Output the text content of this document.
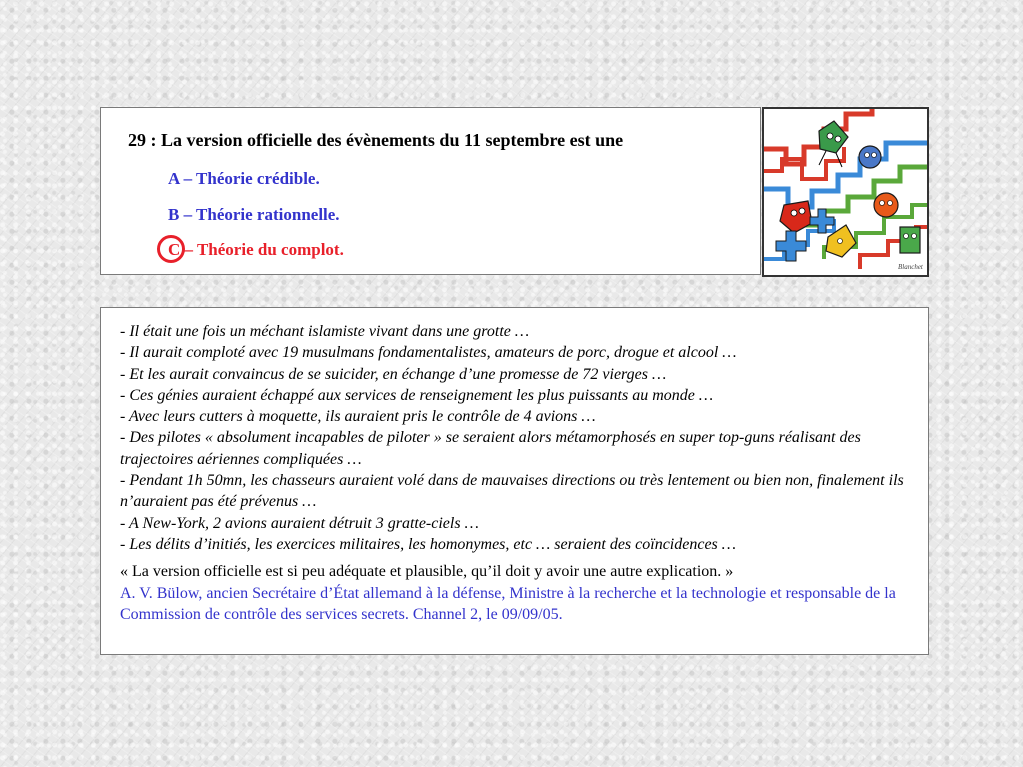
29 : La version officielle des évènements du 11 septembre est une
A – Théorie crédible.
B – Théorie rationnelle.
C – Théorie du complot.
Blanchet
- Il était une fois un méchant islamiste vivant dans une grotte …
- Il aurait comploté avec 19 musulmans fondamentalistes, amateurs de porc, drogue et alcool …
- Et les aurait convaincus de se suicider, en échange d’une promesse de 72 vierges …
- Ces génies auraient échappé aux services de renseignement les plus puissants au monde …
- Avec leurs cutters à moquette, ils auraient pris le contrôle de 4 avions …
- Des pilotes « absolument incapables de piloter » se seraient alors métamorphosés en super top-guns réalisant des trajectoires aériennes compliquées …
- Pendant 1h 50mn, les chasseurs auraient volé dans de mauvaises directions ou très lentement ou bien non, finalement ils n’auraient pas été prévenus …
- A New-York, 2 avions auraient détruit 3 gratte-ciels …
- Les délits d’initiés, les exercices militaires, les homonymes, etc … seraient des coïncidences …
« La version officielle est si peu adéquate et plausible, qu’il doit y avoir une autre explication. »
A. V. Bülow, ancien Secrétaire d’État allemand à la défense, Ministre à la recherche et la technologie et responsable de la Commission de contrôle des services secrets. Channel 2, le 09/09/05.
